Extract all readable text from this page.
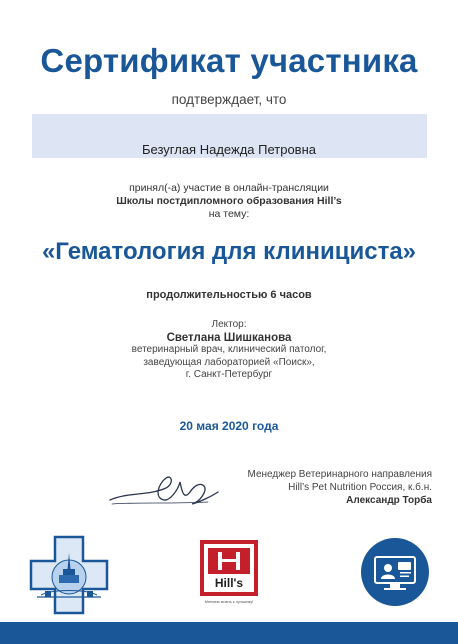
Сертификат участника
подтверждает, что
Безуглая Надежда Петровна
принял(-а) участие в онлайн-трансляции
Школы постдипломного образования Hill’s
на тему:
«Гематология для клинициста»
продолжительностью 6 часов
Лектор:
Светлана Шишканова
ветеринарный врач, клинический патолог,
заведующая лабораторией «Поиск»,
г. Санкт-Петербург
20 мая 2020 года
Менеджер Ветеринарного направления
Hill’s Pet Nutrition Россия, к.б.н.
Александр Торба
Hill's
Меняем жизнь к лучшему!
